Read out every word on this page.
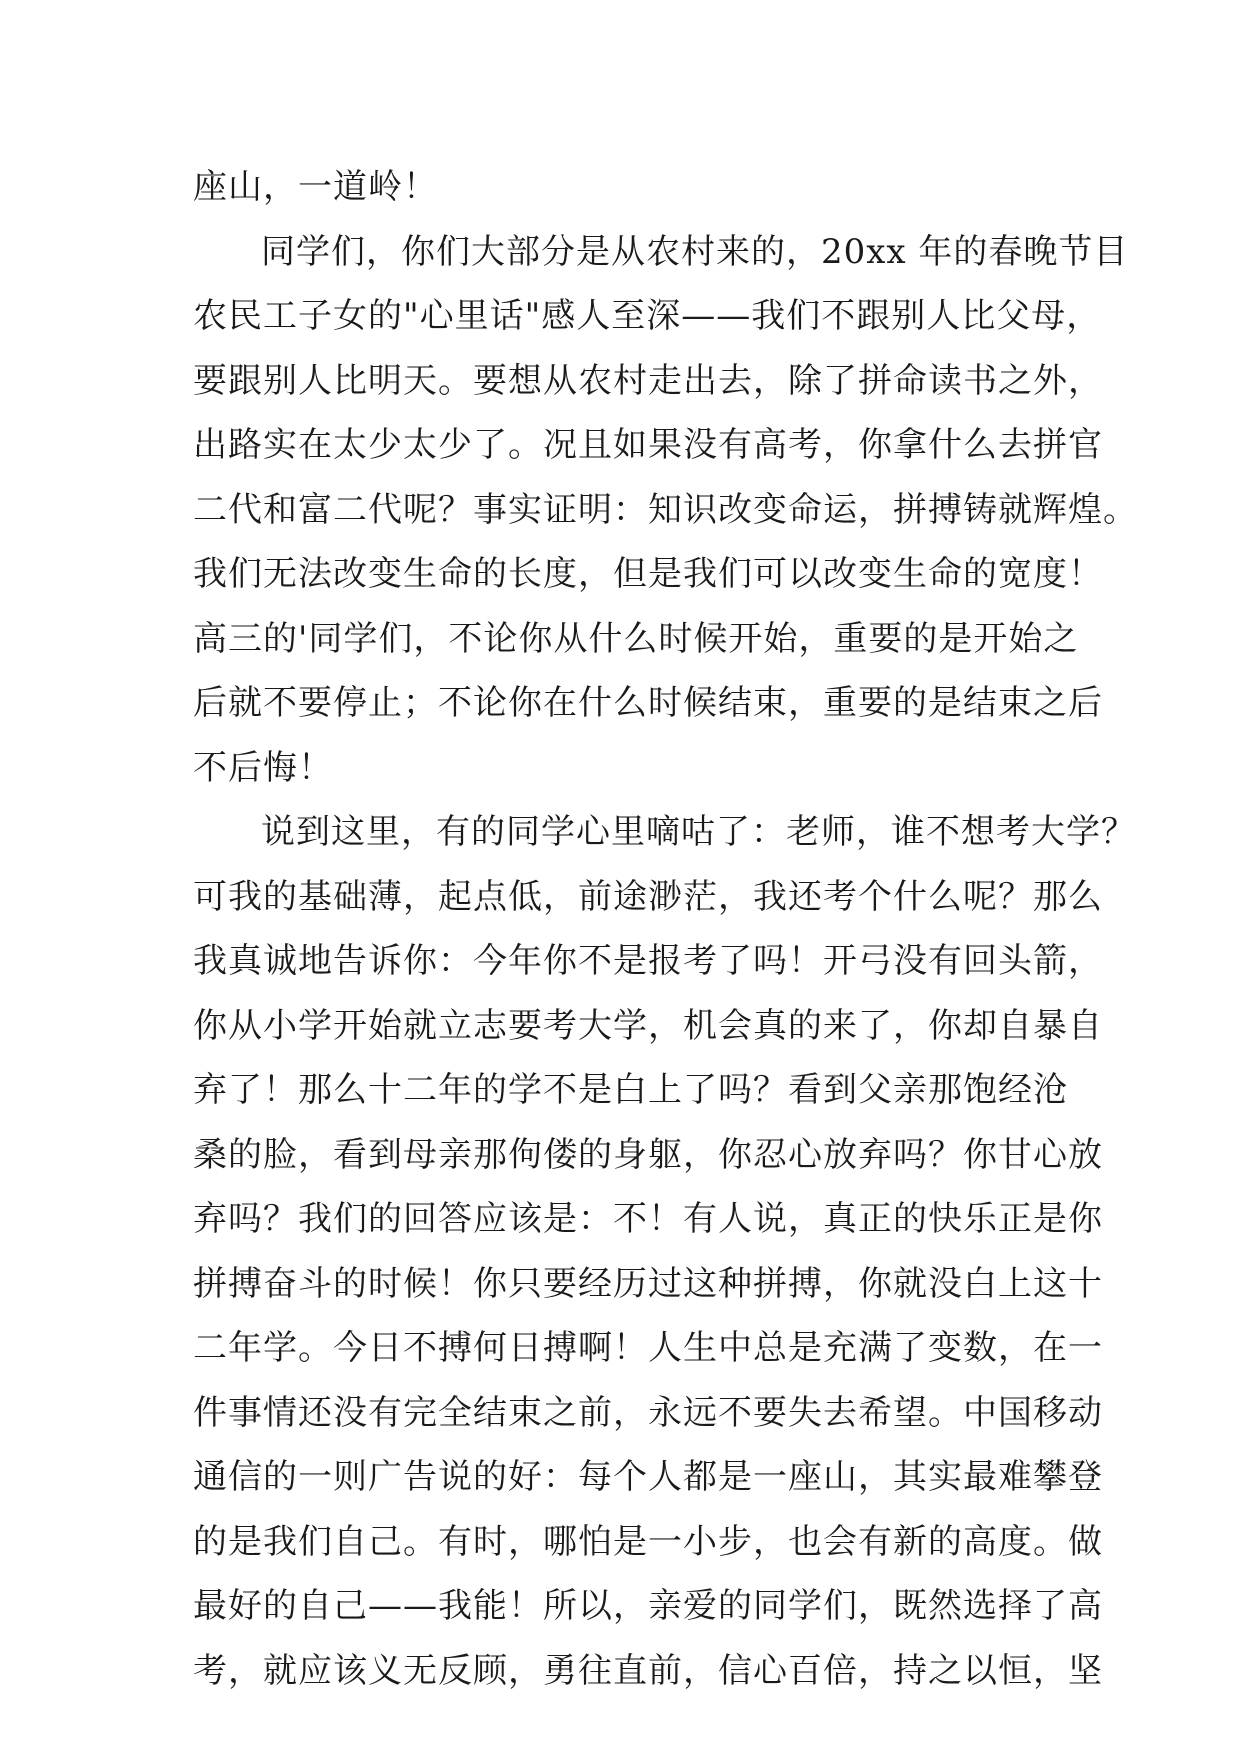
座山，一道岭！
同学们，你们大部分是从农村来的，20xx 年的春晚节目
农民工子女的"心里话"感人至深——我们不跟别人比父母，
要跟别人比明天。要想从农村走出去，除了拼命读书之外，
出路实在太少太少了。况且如果没有高考，你拿什么去拼官
二代和富二代呢？事实证明：知识改变命运，拼搏铸就辉煌。
我们无法改变生命的长度，但是我们可以改变生命的宽度！
高三的'同学们，不论你从什么时候开始，重要的是开始之
后就不要停止；不论你在什么时候结束，重要的是结束之后
不后悔！
说到这里，有的同学心里嘀咕了：老师，谁不想考大学？
可我的基础薄，起点低，前途渺茫，我还考个什么呢？那么
我真诚地告诉你：今年你不是报考了吗！开弓没有回头箭，
你从小学开始就立志要考大学，机会真的来了，你却自暴自
弃了！那么十二年的学不是白上了吗？看到父亲那饱经沧
桑的脸，看到母亲那佝偻的身躯，你忍心放弃吗？你甘心放
弃吗？我们的回答应该是：不！有人说，真正的快乐正是你
拼搏奋斗的时候！你只要经历过这种拼搏，你就没白上这十
二年学。今日不搏何日搏啊！人生中总是充满了变数，在一
件事情还没有完全结束之前，永远不要失去希望。中国移动
通信的一则广告说的好：每个人都是一座山，其实最难攀登
的是我们自己。有时，哪怕是一小步，也会有新的高度。做
最好的自己——我能！所以，亲爱的同学们，既然选择了高
考，就应该义无反顾，勇往直前，信心百倍，持之以恒，坚
